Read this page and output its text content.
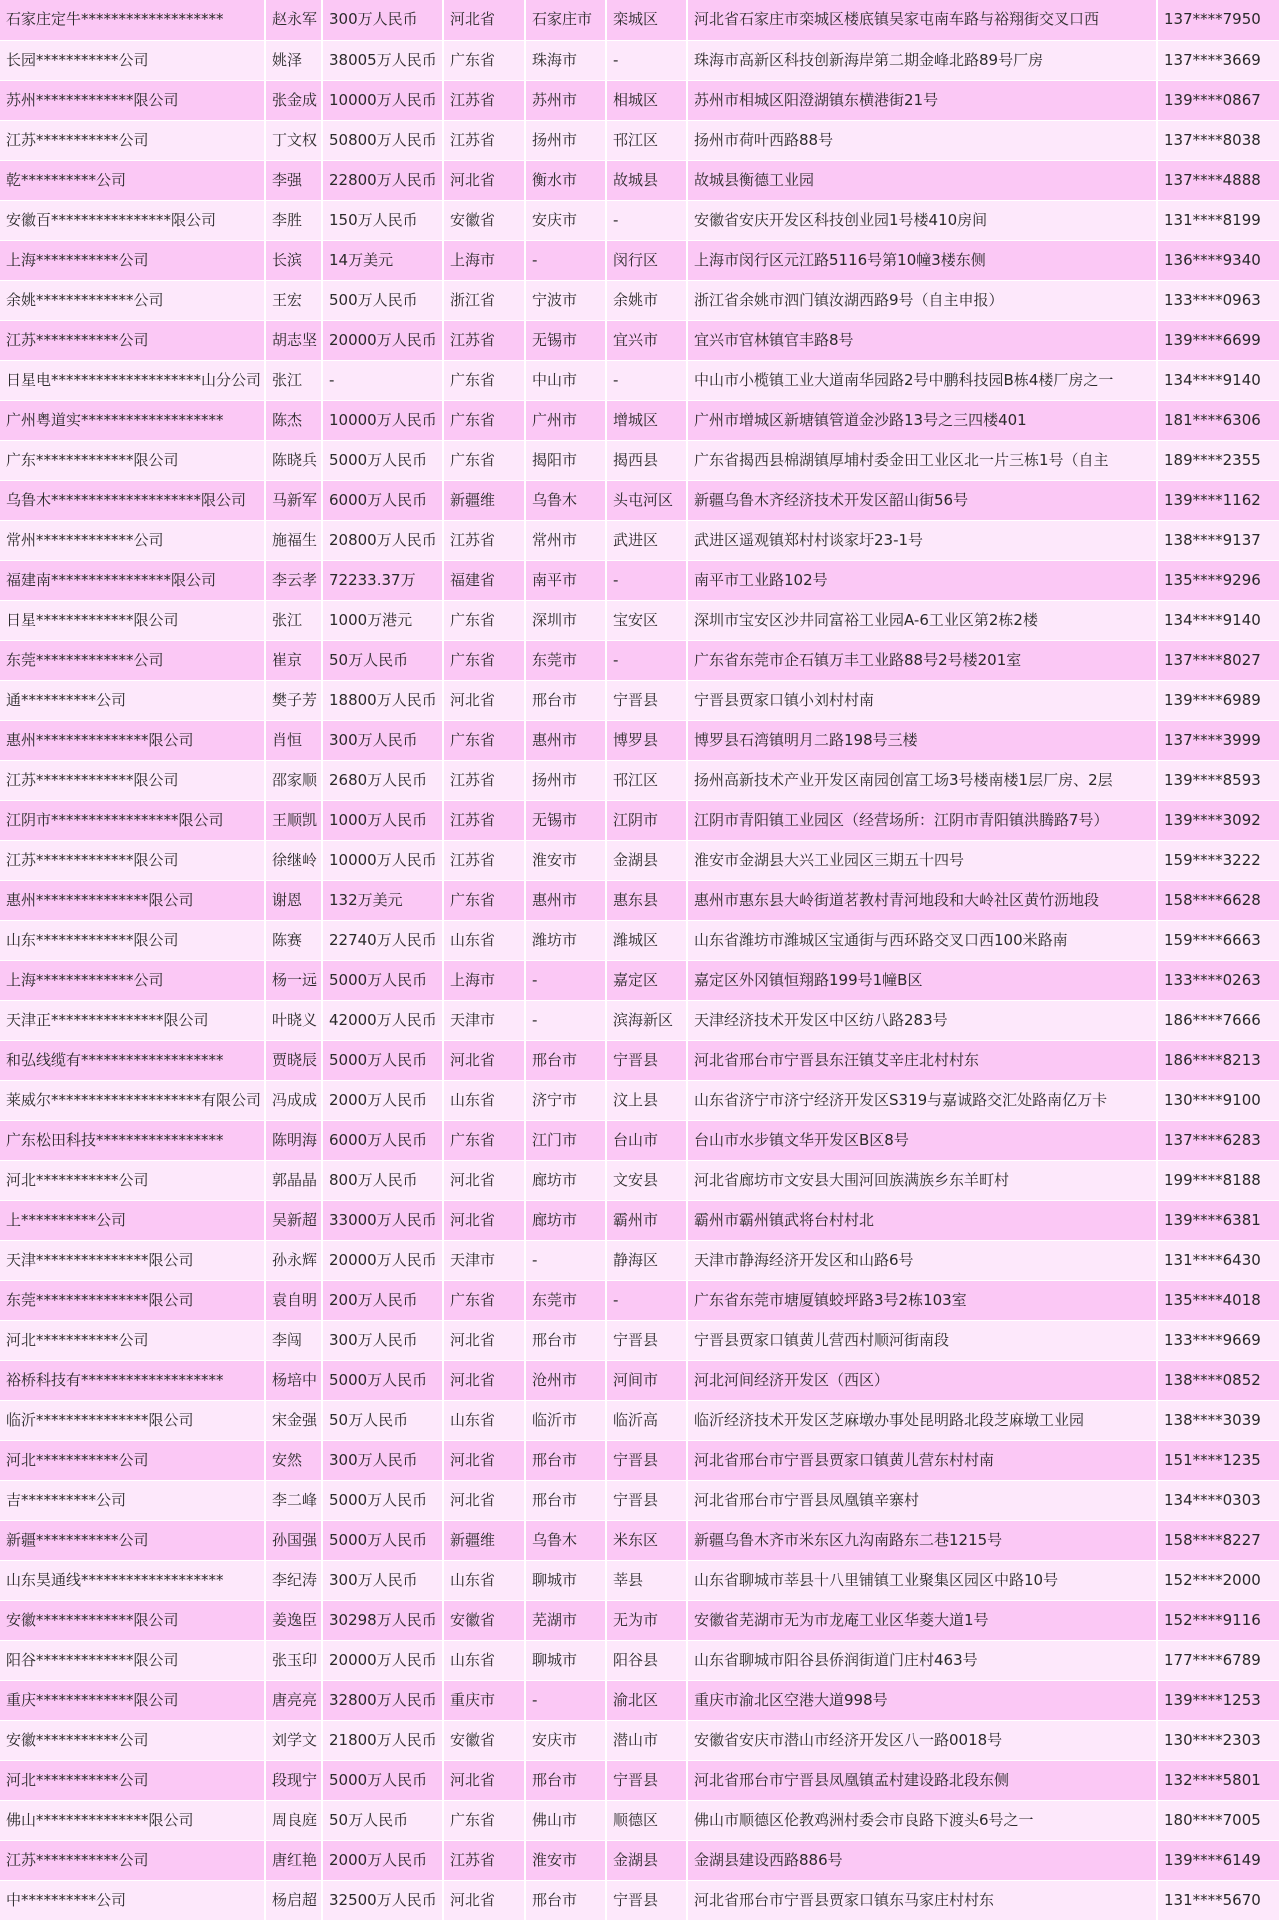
石家庄定牛*******************	赵永军	300万人民币	河北省	石家庄市	栾城区	河北省石家庄市栾城区楼底镇吴家屯南车路与裕翔街交叉口西	137****7950
长园***********公司	姚泽	38005万人民币	广东省	珠海市	-	珠海市高新区科技创新海岸第二期金峰北路89号厂房	137****3669
苏州*************限公司	张金成	10000万人民币	江苏省	苏州市	相城区	苏州市相城区阳澄湖镇东横港街21号	139****0867
江苏***********公司	丁文权	50800万人民币	江苏省	扬州市	邗江区	扬州市荷叶西路88号	137****8038
乾**********公司	李强	22800万人民币	河北省	衡水市	故城县	故城县衡德工业园	137****4888
安徽百****************限公司	李胜	150万人民币	安徽省	安庆市	-	安徽省安庆开发区科技创业园1号楼410房间	131****8199
上海***********公司	长滨	14万美元	上海市	-	闵行区	上海市闵行区元江路5116号第10幢3楼东侧	136****9340
余姚*************公司	王宏	500万人民币	浙江省	宁波市	余姚市	浙江省余姚市泗门镇汝湖西路9号（自主申报）	133****0963
江苏***********公司	胡志坚	20000万人民币	江苏省	无锡市	宜兴市	宜兴市官林镇官丰路8号	139****6699
日星电********************山分公司	张江	-	广东省	中山市	-	中山市小榄镇工业大道南华园路2号中鹏科技园B栋4楼厂房之一	134****9140
广州粤道实*******************	陈杰	10000万人民币	广东省	广州市	增城区	广州市增城区新塘镇管道金沙路13号之三四楼401	181****6306
广东*************限公司	陈晓兵	5000万人民币	广东省	揭阳市	揭西县	广东省揭西县棉湖镇厚埔村委金田工业区北一片三栋1号（自主	189****2355
乌鲁木********************限公司	马新军	6000万人民币	新疆维	乌鲁木	头屯河区	新疆乌鲁木齐经济技术开发区韶山街56号	139****1162
常州*************公司	施福生	20800万人民币	江苏省	常州市	武进区	武进区遥观镇郑村村谈家圩23-1号	138****9137
福建南****************限公司	李云孝	72233.37万	福建省	南平市	-	南平市工业路102号	135****9296
日星*************限公司	张江	1000万港元	广东省	深圳市	宝安区	深圳市宝安区沙井同富裕工业园A-6工业区第2栋2楼	134****9140
东莞*************公司	崔京	50万人民币	广东省	东莞市	-	广东省东莞市企石镇万丰工业路88号2号楼201室	137****8027
通**********公司	樊子芳	18800万人民币	河北省	邢台市	宁晋县	宁晋县贾家口镇小刘村村南	139****6989
惠州***************限公司	肖恒	300万人民币	广东省	惠州市	博罗县	博罗县石湾镇明月二路198号三楼	137****3999
江苏*************限公司	邵家顺	2680万人民币	江苏省	扬州市	邗江区	扬州高新技术产业开发区南园创富工场3号楼南楼1层厂房、2层	139****8593
江阴市*****************限公司	王顺凯	1000万人民币	江苏省	无锡市	江阴市	江阴市青阳镇工业园区（经营场所：江阴市青阳镇洪腾路7号）	139****3092
江苏*************限公司	徐继岭	10000万人民币	江苏省	淮安市	金湖县	淮安市金湖县大兴工业园区三期五十四号	159****3222
惠州***************限公司	谢恩	132万美元	广东省	惠州市	惠东县	惠州市惠东县大岭街道茗教村青河地段和大岭社区黄竹沥地段	158****6628
山东*************限公司	陈赛	22740万人民币	山东省	潍坊市	潍城区	山东省潍坊市潍城区宝通街与西环路交叉口西100米路南	159****6663
上海*************公司	杨一远	5000万人民币	上海市	-	嘉定区	嘉定区外冈镇恒翔路199号1幢B区	133****0263
天津正***************限公司	叶晓义	42000万人民币	天津市	-	滨海新区	天津经济技术开发区中区纺八路283号	186****7666
和弘线缆有*******************	贾晓辰	5000万人民币	河北省	邢台市	宁晋县	河北省邢台市宁晋县东汪镇艾辛庄北村村东	186****8213
莱威尔********************有限公司	冯成成	2000万人民币	山东省	济宁市	汶上县	山东省济宁市济宁经济开发区S319与嘉诚路交汇处路南亿万卡	130****9100
广东松田科技*****************	陈明海	6000万人民币	广东省	江门市	台山市	台山市水步镇文华开发区B区8号	137****6283
河北***********公司	郭晶晶	800万人民币	河北省	廊坊市	文安县	河北省廊坊市文安县大围河回族满族乡东羊町村	199****8188
上**********公司	吴新超	33000万人民币	河北省	廊坊市	霸州市	霸州市霸州镇武将台村村北	139****6381
天津***************限公司	孙永辉	20000万人民币	天津市	-	静海区	天津市静海经济开发区和山路6号	131****6430
东莞***************限公司	袁自明	200万人民币	广东省	东莞市	-	广东省东莞市塘厦镇蛟坪路3号2栋103室	135****4018
河北***********公司	李闯	300万人民币	河北省	邢台市	宁晋县	宁晋县贾家口镇黄儿营西村顺河街南段	133****9669
裕桥科技有*******************	杨培中	5000万人民币	河北省	沧州市	河间市	河北河间经济开发区（西区）	138****0852
临沂***************限公司	宋金强	50万人民币	山东省	临沂市	临沂高	临沂经济技术开发区芝麻墩办事处昆明路北段芝麻墩工业园	138****3039
河北***********公司	安然	300万人民币	河北省	邢台市	宁晋县	河北省邢台市宁晋县贾家口镇黄儿营东村村南	151****1235
吉**********公司	李二峰	5000万人民币	河北省	邢台市	宁晋县	河北省邢台市宁晋县凤凰镇辛寨村	134****0303
新疆***********公司	孙国强	5000万人民币	新疆维	乌鲁木	米东区	新疆乌鲁木齐市米东区九沟南路东二巷1215号	158****8227
山东昊通线*******************	李纪涛	300万人民币	山东省	聊城市	莘县	山东省聊城市莘县十八里铺镇工业聚集区园区中路10号	152****2000
安徽*************限公司	姜逸臣	30298万人民币	安徽省	芜湖市	无为市	安徽省芜湖市无为市龙庵工业区华菱大道1号	152****9116
阳谷*************限公司	张玉印	20000万人民币	山东省	聊城市	阳谷县	山东省聊城市阳谷县侨润街道门庄村463号	177****6789
重庆*************限公司	唐亮亮	32800万人民币	重庆市	-	渝北区	重庆市渝北区空港大道998号	139****1253
安徽***********公司	刘学文	21800万人民币	安徽省	安庆市	潜山市	安徽省安庆市潜山市经济开发区八一路0018号	130****2303
河北***********公司	段现宁	5000万人民币	河北省	邢台市	宁晋县	河北省邢台市宁晋县凤凰镇孟村建设路北段东侧	132****5801
佛山***************限公司	周良庭	50万人民币	广东省	佛山市	顺德区	佛山市顺德区伦教鸡洲村委会市良路下渡头6号之一	180****7005
江苏***********公司	唐红艳	2000万人民币	江苏省	淮安市	金湖县	金湖县建设西路886号	139****6149
中**********公司	杨启超	32500万人民币	河北省	邢台市	宁晋县	河北省邢台市宁晋县贾家口镇东马家庄村村东	131****5670
